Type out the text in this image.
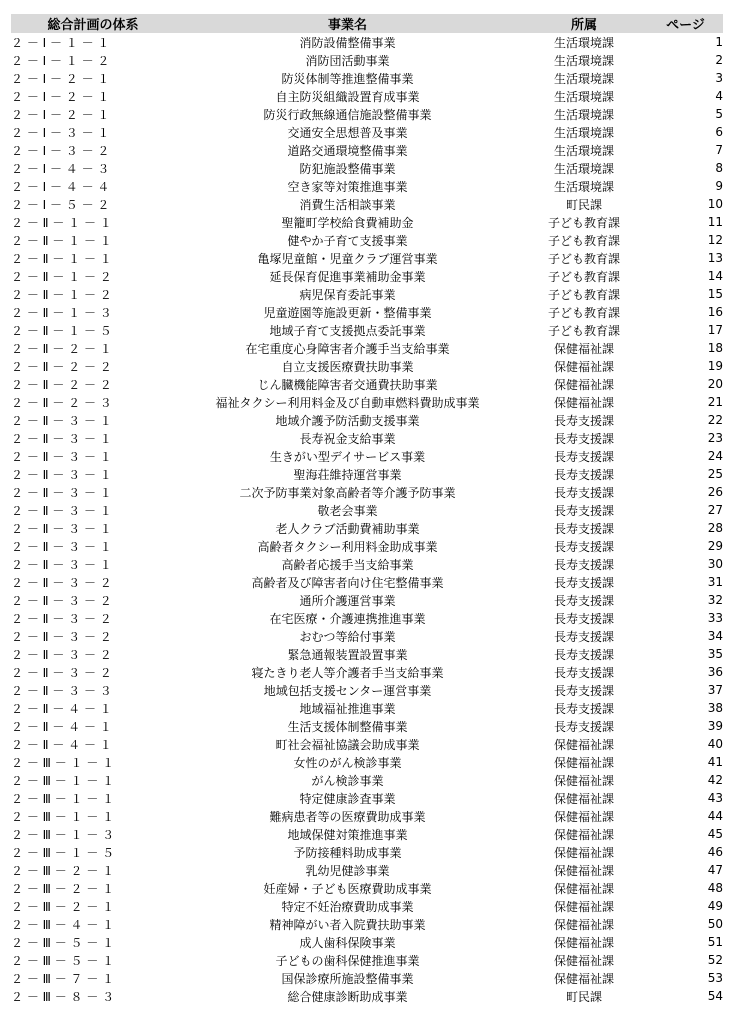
総合計画の体系	事業名	所属	ページ
２ － Ⅰ － １ － １	消防設備整備事業	生活環境課	1
２ － Ⅰ － １ － ２	消防団活動事業	生活環境課	2
２ － Ⅰ － ２ － １	防災体制等推進整備事業	生活環境課	3
２ － Ⅰ － ２ － １	自主防災組織設置育成事業	生活環境課	4
２ － Ⅰ － ２ － １	防災行政無線通信施設整備事業	生活環境課	5
２ － Ⅰ － ３ － １	交通安全思想普及事業	生活環境課	6
２ － Ⅰ － ３ － ２	道路交通環境整備事業	生活環境課	7
２ － Ⅰ － ４ － ３	防犯施設整備事業	生活環境課	8
２ － Ⅰ － ４ － ４	空き家等対策推進事業	生活環境課	9
２ － Ⅰ － ５ － ２	消費生活相談事業	町民課	10
２ － Ⅱ － １ － １	聖籠町学校給食費補助金	子ども教育課	11
２ － Ⅱ － １ － １	健やか子育て支援事業	子ども教育課	12
２ － Ⅱ － １ － １	亀塚児童館・児童クラブ運営事業	子ども教育課	13
２ － Ⅱ － １ － ２	延長保育促進事業補助金事業	子ども教育課	14
２ － Ⅱ － １ － ２	病児保育委託事業	子ども教育課	15
２ － Ⅱ － １ － ３	児童遊園等施設更新・整備事業	子ども教育課	16
２ － Ⅱ － １ － ５	地域子育て支援拠点委託事業	子ども教育課	17
２ － Ⅱ － ２ － １	在宅重度心身障害者介護手当支給事業	保健福祉課	18
２ － Ⅱ － ２ － ２	自立支援医療費扶助事業	保健福祉課	19
２ － Ⅱ － ２ － ２	じん臓機能障害者交通費扶助事業	保健福祉課	20
２ － Ⅱ － ２ － ３	福祉タクシー利用料金及び自動車燃料費助成事業	保健福祉課	21
２ － Ⅱ － ３ － １	地域介護予防活動支援事業	長寿支援課	22
２ － Ⅱ － ３ － １	長寿祝金支給事業	長寿支援課	23
２ － Ⅱ － ３ － １	生きがい型デイサービス事業	長寿支援課	24
２ － Ⅱ － ３ － １	聖海荘維持運営事業	長寿支援課	25
２ － Ⅱ － ３ － １	二次予防事業対象高齢者等介護予防事業	長寿支援課	26
２ － Ⅱ － ３ － １	敬老会事業	長寿支援課	27
２ － Ⅱ － ３ － １	老人クラブ活動費補助事業	長寿支援課	28
２ － Ⅱ － ３ － １	高齢者タクシー利用料金助成事業	長寿支援課	29
２ － Ⅱ － ３ － １	高齢者応援手当支給事業	長寿支援課	30
２ － Ⅱ － ３ － ２	高齢者及び障害者向け住宅整備事業	長寿支援課	31
２ － Ⅱ － ３ － ２	通所介護運営事業	長寿支援課	32
２ － Ⅱ － ３ － ２	在宅医療・介護連携推進事業	長寿支援課	33
２ － Ⅱ － ３ － ２	おむつ等給付事業	長寿支援課	34
２ － Ⅱ － ３ － ２	緊急通報装置設置事業	長寿支援課	35
２ － Ⅱ － ３ － ２	寝たきり老人等介護者手当支給事業	長寿支援課	36
２ － Ⅱ － ３ － ３	地域包括支援センター運営事業	長寿支援課	37
２ － Ⅱ － ４ － １	地域福祉推進事業	長寿支援課	38
２ － Ⅱ － ４ － １	生活支援体制整備事業	長寿支援課	39
２ － Ⅱ － ４ － １	町社会福祉協議会助成事業	保健福祉課	40
２ － Ⅲ － １ － １	女性のがん検診事業	保健福祉課	41
２ － Ⅲ － １ － １	がん検診事業	保健福祉課	42
２ － Ⅲ － １ － １	特定健康診査事業	保健福祉課	43
２ － Ⅲ － １ － １	難病患者等の医療費助成事業	保健福祉課	44
２ － Ⅲ － １ － ３	地域保健対策推進事業	保健福祉課	45
２ － Ⅲ － １ － ５	予防接種料助成事業	保健福祉課	46
２ － Ⅲ － ２ － １	乳幼児健診事業	保健福祉課	47
２ － Ⅲ － ２ － １	妊産婦・子ども医療費助成事業	保健福祉課	48
２ － Ⅲ － ２ － １	特定不妊治療費助成事業	保健福祉課	49
２ － Ⅲ － ４ － １	精神障がい者入院費扶助事業	保健福祉課	50
２ － Ⅲ － ５ － １	成人歯科保険事業	保健福祉課	51
２ － Ⅲ － ５ － １	子どもの歯科保健推進事業	保健福祉課	52
２ － Ⅲ － ７ － １	国保診療所施設整備事業	保健福祉課	53
２ － Ⅲ － ８ － ３	総合健康診断助成事業	町民課	54
